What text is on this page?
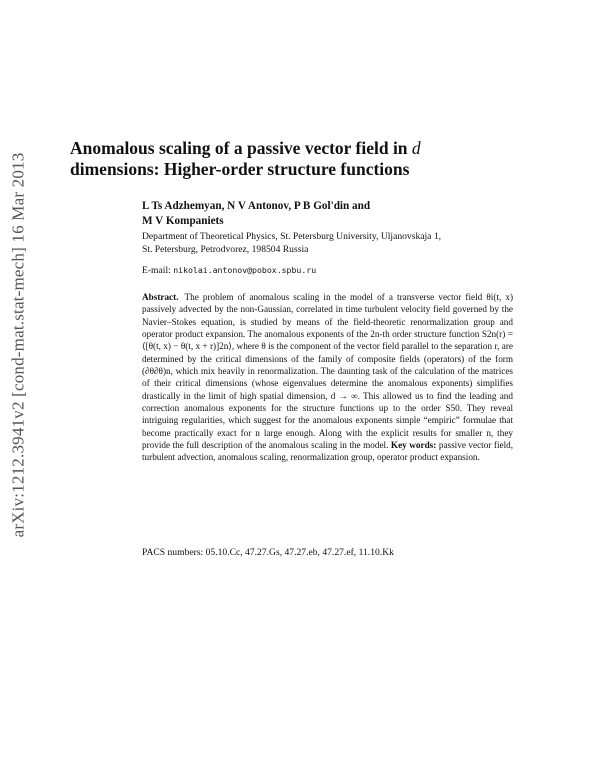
arXiv:1212.3941v2 [cond-mat.stat-mech] 16 Mar 2013
Anomalous scaling of a passive vector field in d
dimensions: Higher-order structure functions
L Ts Adzhemyan, N V Antonov, P B Gol'din and
M V Kompaniets
Department of Theoretical Physics, St. Petersburg University, Uljanovskaja 1,
St. Petersburg, Petrodvorez, 198504 Russia
E-mail: nikolai.antonov@pobox.spbu.ru
Abstract. The problem of anomalous scaling in the model of a transverse vector field θi(t, x) passively advected by the non-Gaussian, correlated in time turbulent velocity field governed by the Navier–Stokes equation, is studied by means of the field-theoretic renormalization group and operator product expansion. The anomalous exponents of the 2n-th order structure function S2n(r) = ⟨[θ(t, x) − θ(t, x + r)]2n⟩, where θ is the component of the vector field parallel to the separation r, are determined by the critical dimensions of the family of composite fields (operators) of the form (∂θ∂θ)n, which mix heavily in renormalization. The daunting task of the calculation of the matrices of their critical dimensions (whose eigenvalues determine the anomalous exponents) simplifies drastically in the limit of high spatial dimension, d → ∞. This allowed us to find the leading and correction anomalous exponents for the structure functions up to the order S50. They reveal intriguing regularities, which suggest for the anomalous exponents simple “empiric” formulae that become practically exact for n large enough. Along with the explicit results for smaller n, they provide the full description of the anomalous scaling in the model. Key words: passive vector field, turbulent advection, anomalous scaling, renormalization group, operator product expansion.
PACS numbers: 05.10.Cc, 47.27.Gs, 47.27.eb, 47.27.ef, 11.10.Kk
